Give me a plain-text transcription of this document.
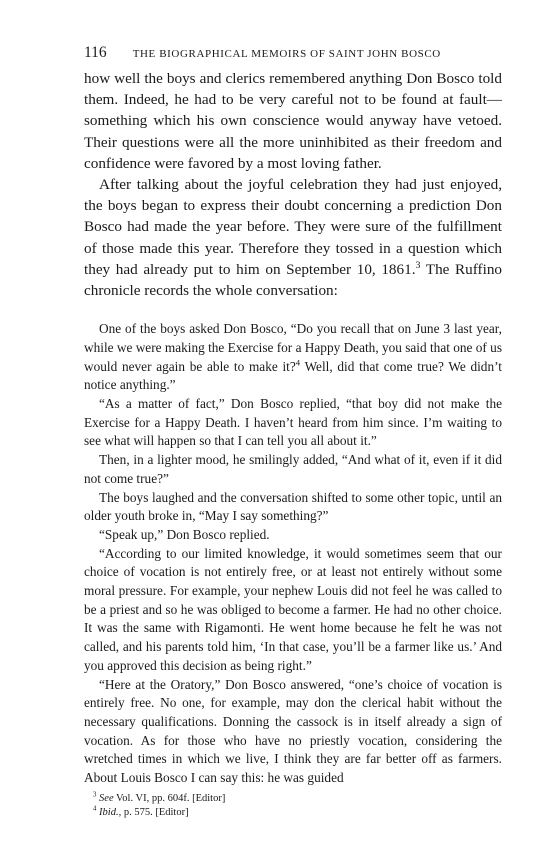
116 THE BIOGRAPHICAL MEMOIRS OF SAINT JOHN BOSCO

how well the boys and clerics remembered anything Don Bosco told them. Indeed, he had to be very careful not to be found at fault—something which his own conscience would anyway have vetoed. Their questions were all the more uninhibited as their freedom and confidence were favored by a most loving father.

After talking about the joyful celebration they had just enjoyed, the boys began to express their doubt concerning a prediction Don Bosco had made the year before. They were sure of the fulfillment of those made this year. Therefore they tossed in a question which they had already put to him on September 10, 1861.$^3$ The Ruffino chronicle records the whole conversation:

One of the boys asked Don Bosco, “Do you recall that on June 3 last year, while we were making the Exercise for a Happy Death, you said that one of us would never again be able to make it?$^4$ Well, did that come true? We didn’t notice anything.”

“As a matter of fact,” Don Bosco replied, “that boy did not make the Exercise for a Happy Death. I haven’t heard from him since. I’m waiting to see what will happen so that I can tell you all about it.”

Then, in a lighter mood, he smilingly added, “And what of it, even if it did not come true?”

The boys laughed and the conversation shifted to some other topic, until an older youth broke in, “May I say something?”

“Speak up,” Don Bosco replied.

“According to our limited knowledge, it would sometimes seem that our choice of vocation is not entirely free, or at least not entirely without some moral pressure. For example, your nephew Louis did not feel he was called to be a priest and so he was obliged to become a farmer. He had no other choice. It was the same with Rigamonti. He went home because he felt he was not called, and his parents told him, ‘In that case, you’ll be a farmer like us.’ And you approved this decision as being right.”

“Here at the Oratory,” Don Bosco answered, “one’s choice of vocation is entirely free. No one, for example, may don the clerical habit without the necessary qualifications. Donning the cassock is in itself already a sign of vocation. As for those who have no priestly vocation, considering the wretched times in which we live, I think they are far better off as farmers. About Louis Bosco I can say this: he was guided

$^3$ See Vol. VI, pp. 604f. [Editor]

$^4$ Ibid., p. 575. [Editor]
